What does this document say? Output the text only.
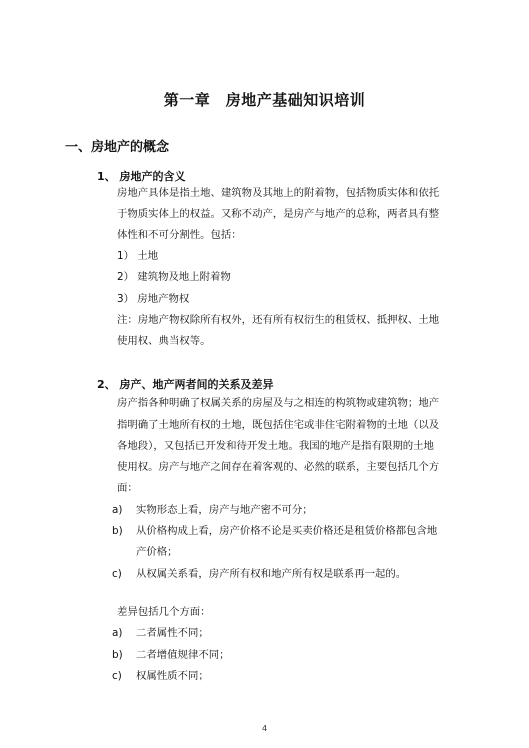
第一章　房地产基础知识培训
一、房地产的概念
1、 房地产的含义
房地产具体是指土地、建筑物及其地上的附着物，包括物质实体和依托
于物质实体上的权益。又称不动产，是房产与地产的总称，两者具有整
体性和不可分割性。包括：
1） 土地
2） 建筑物及地上附着物
3） 房地产物权
注：房地产物权除所有权外，还有所有权衍生的租赁权、抵押权、土地
使用权、典当权等。
2、 房产、地产两者间的关系及差异
房产指各种明确了权属关系的房屋及与之相连的构筑物或建筑物；地产
指明确了土地所有权的土地，既包括住宅或非住宅附着物的土地（以及
各地段），又包括已开发和待开发土地。我国的地产是指有限期的土地
使用权。房产与地产之间存在着客观的、必然的联系，主要包括几个方
面：
a) 实物形态上看，房产与地产密不可分；
b) 从价格构成上看，房产价格不论是买卖价格还是租赁价格都包含地
产价格；
c) 从权属关系看，房产所有权和地产所有权是联系再一起的。
差异包括几个方面：
a) 二者属性不同；
b) 二者增值规律不同；
c) 权属性质不同；
4
